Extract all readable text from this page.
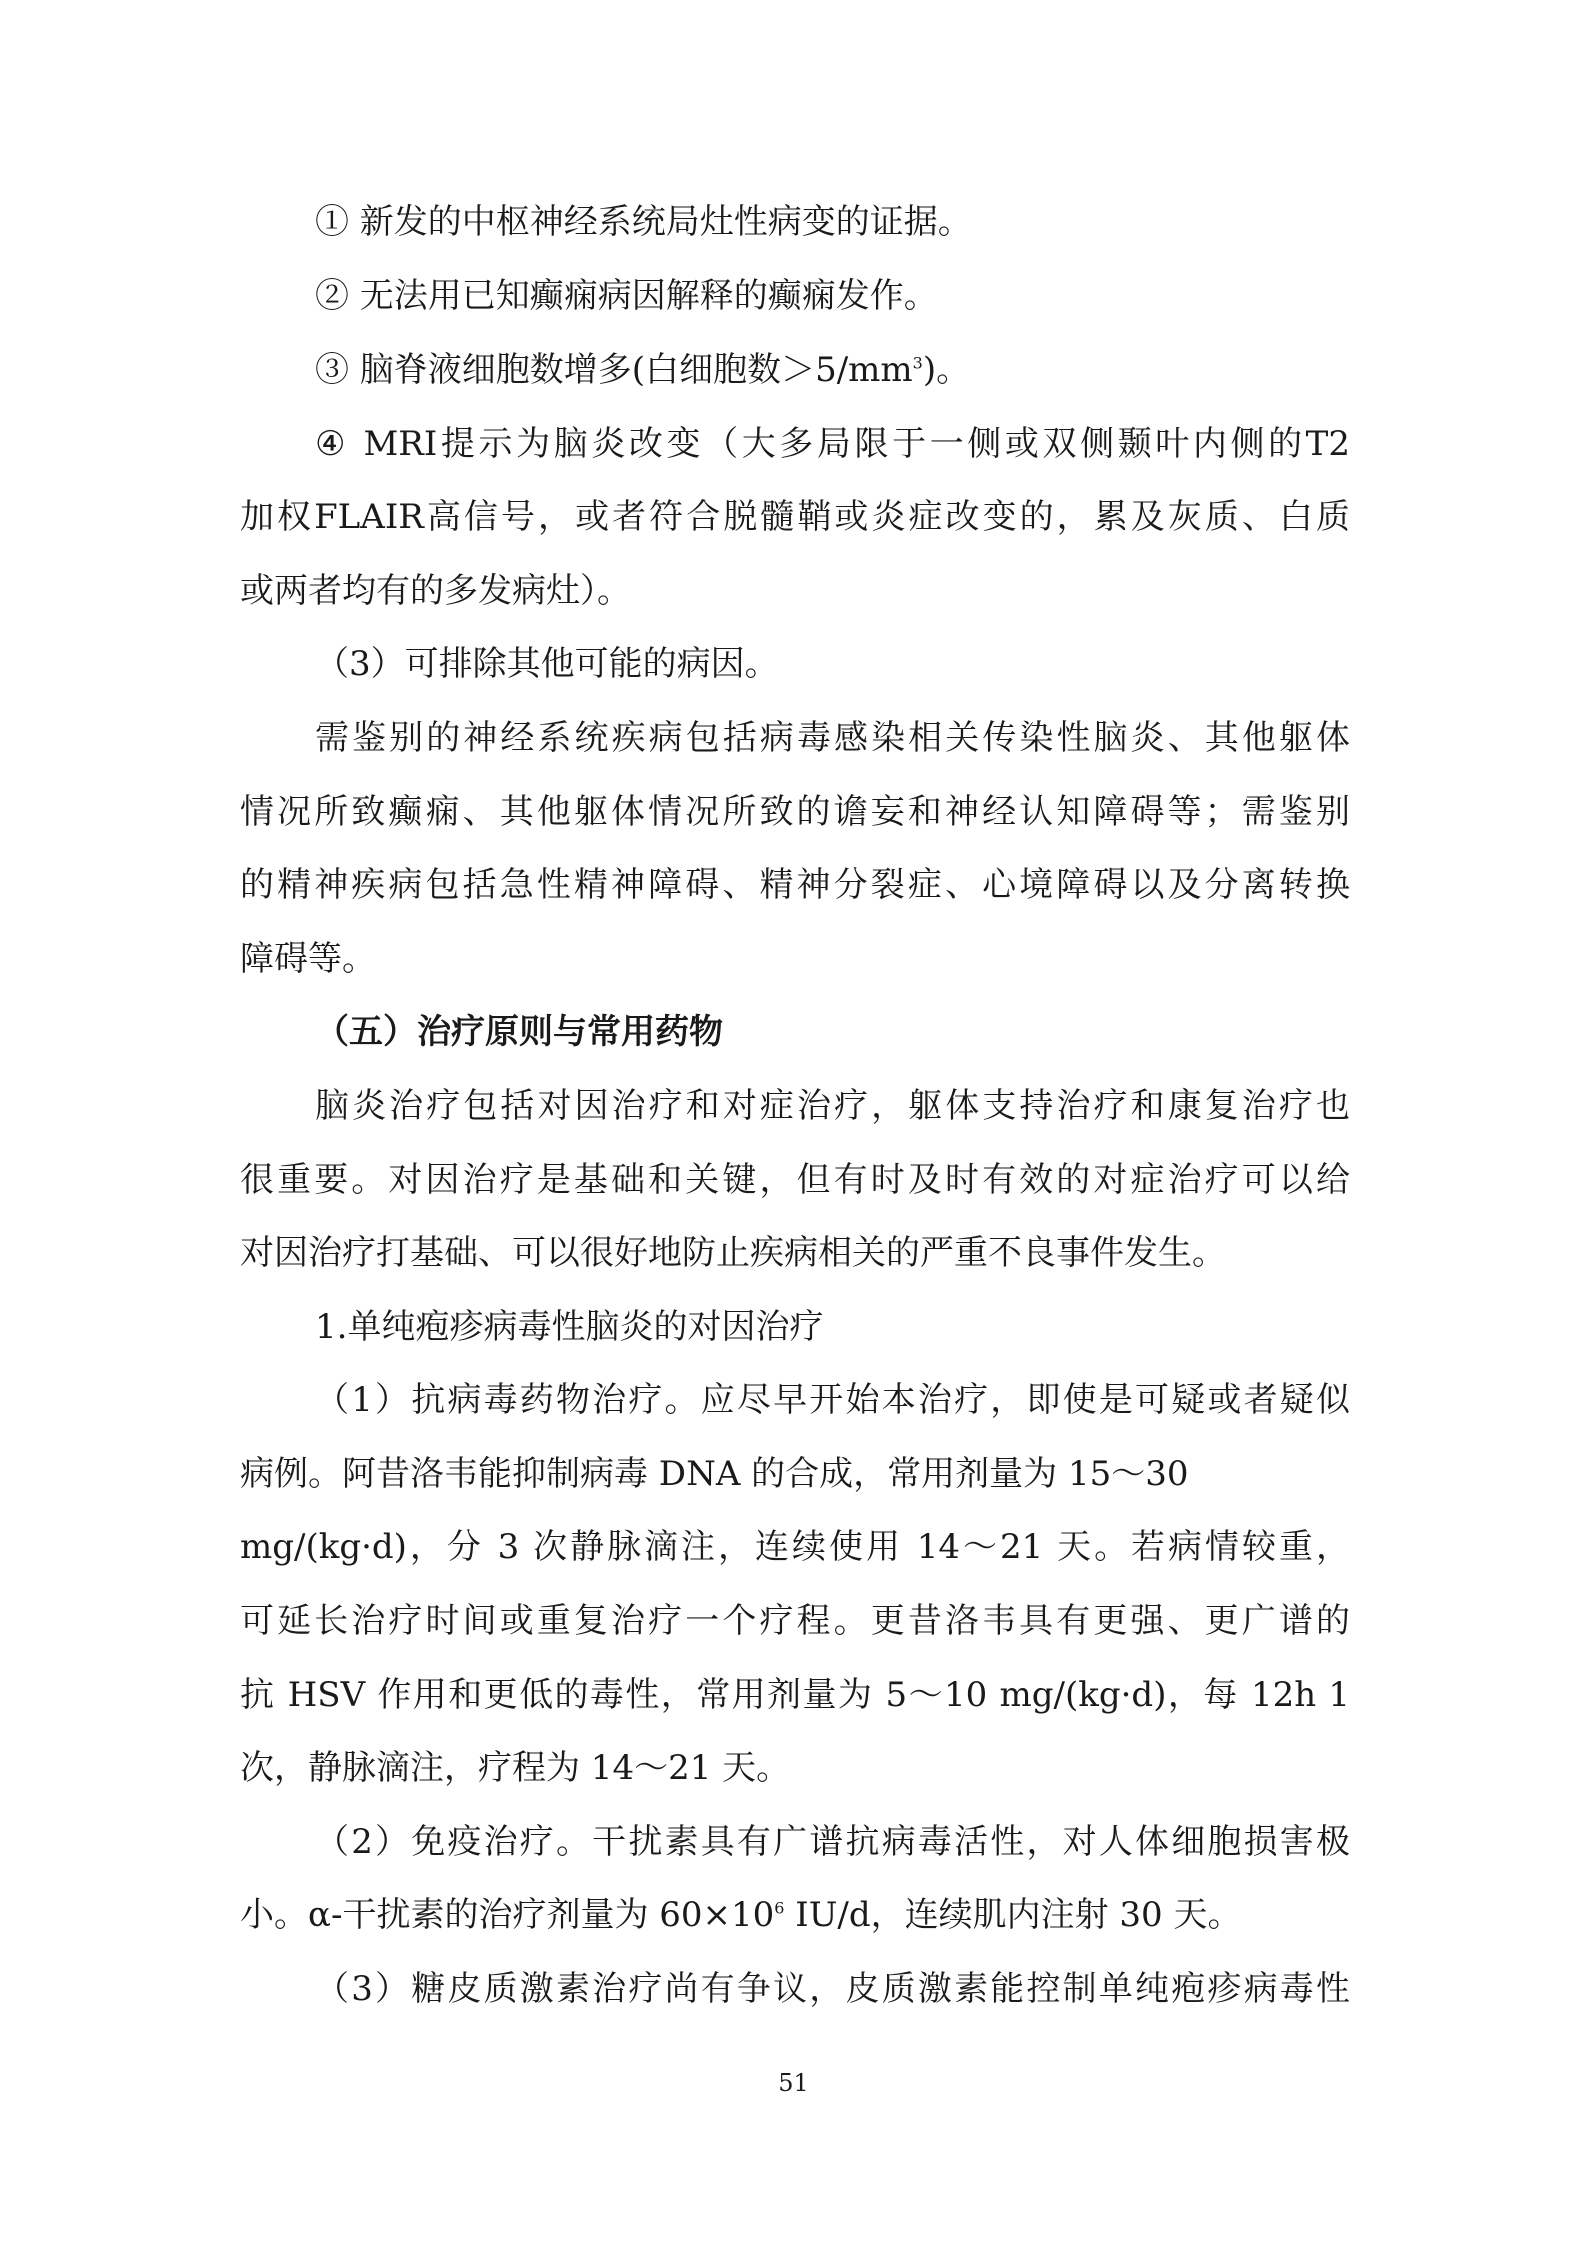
① 新发的中枢神经系统局灶性病变的证据。
② 无法用已知癫痫病因解释的癫痫发作。
③ 脑脊液细胞数增多(白细胞数$>5/mm^3$)。
④ MRI提示为脑炎改变（大多局限于一侧或双侧颞叶内侧的T2
加权FLAIR高信号，或者符合脱髓鞘或炎症改变的，累及灰质、白质
或两者均有的多发病灶）。
（3）可排除其他可能的病因。
需鉴别的神经系统疾病包括病毒感染相关传染性脑炎、其他躯体
情况所致癫痫、其他躯体情况所致的谵妄和神经认知障碍等；需鉴别
的精神疾病包括急性精神障碍、精神分裂症、心境障碍以及分离转换
障碍等。
（五）治疗原则与常用药物
脑炎治疗包括对因治疗和对症治疗，躯体支持治疗和康复治疗也
很重要。对因治疗是基础和关键，但有时及时有效的对症治疗可以给
对因治疗打基础、可以很好地防止疾病相关的严重不良事件发生。
1.单纯疱疹病毒性脑炎的对因治疗
（1）抗病毒药物治疗。应尽早开始本治疗，即使是可疑或者疑似
病例。阿昔洛韦能抑制病毒 DNA 的合成，常用剂量为 15～30
mg/(kg·d)，分 3 次静脉滴注，连续使用 14～21 天。若病情较重，
可延长治疗时间或重复治疗一个疗程。更昔洛韦具有更强、更广谱的
抗 HSV 作用和更低的毒性，常用剂量为 5～10 mg/(kg·d)，每 12h 1
次，静脉滴注，疗程为 14～21 天。
（2）免疫治疗。干扰素具有广谱抗病毒活性，对人体细胞损害极
小。α-干扰素的治疗剂量为 $60\times 10^6$ IU/d，连续肌内注射 30 天。
（3）糖皮质激素治疗尚有争议，皮质激素能控制单纯疱疹病毒性
51
